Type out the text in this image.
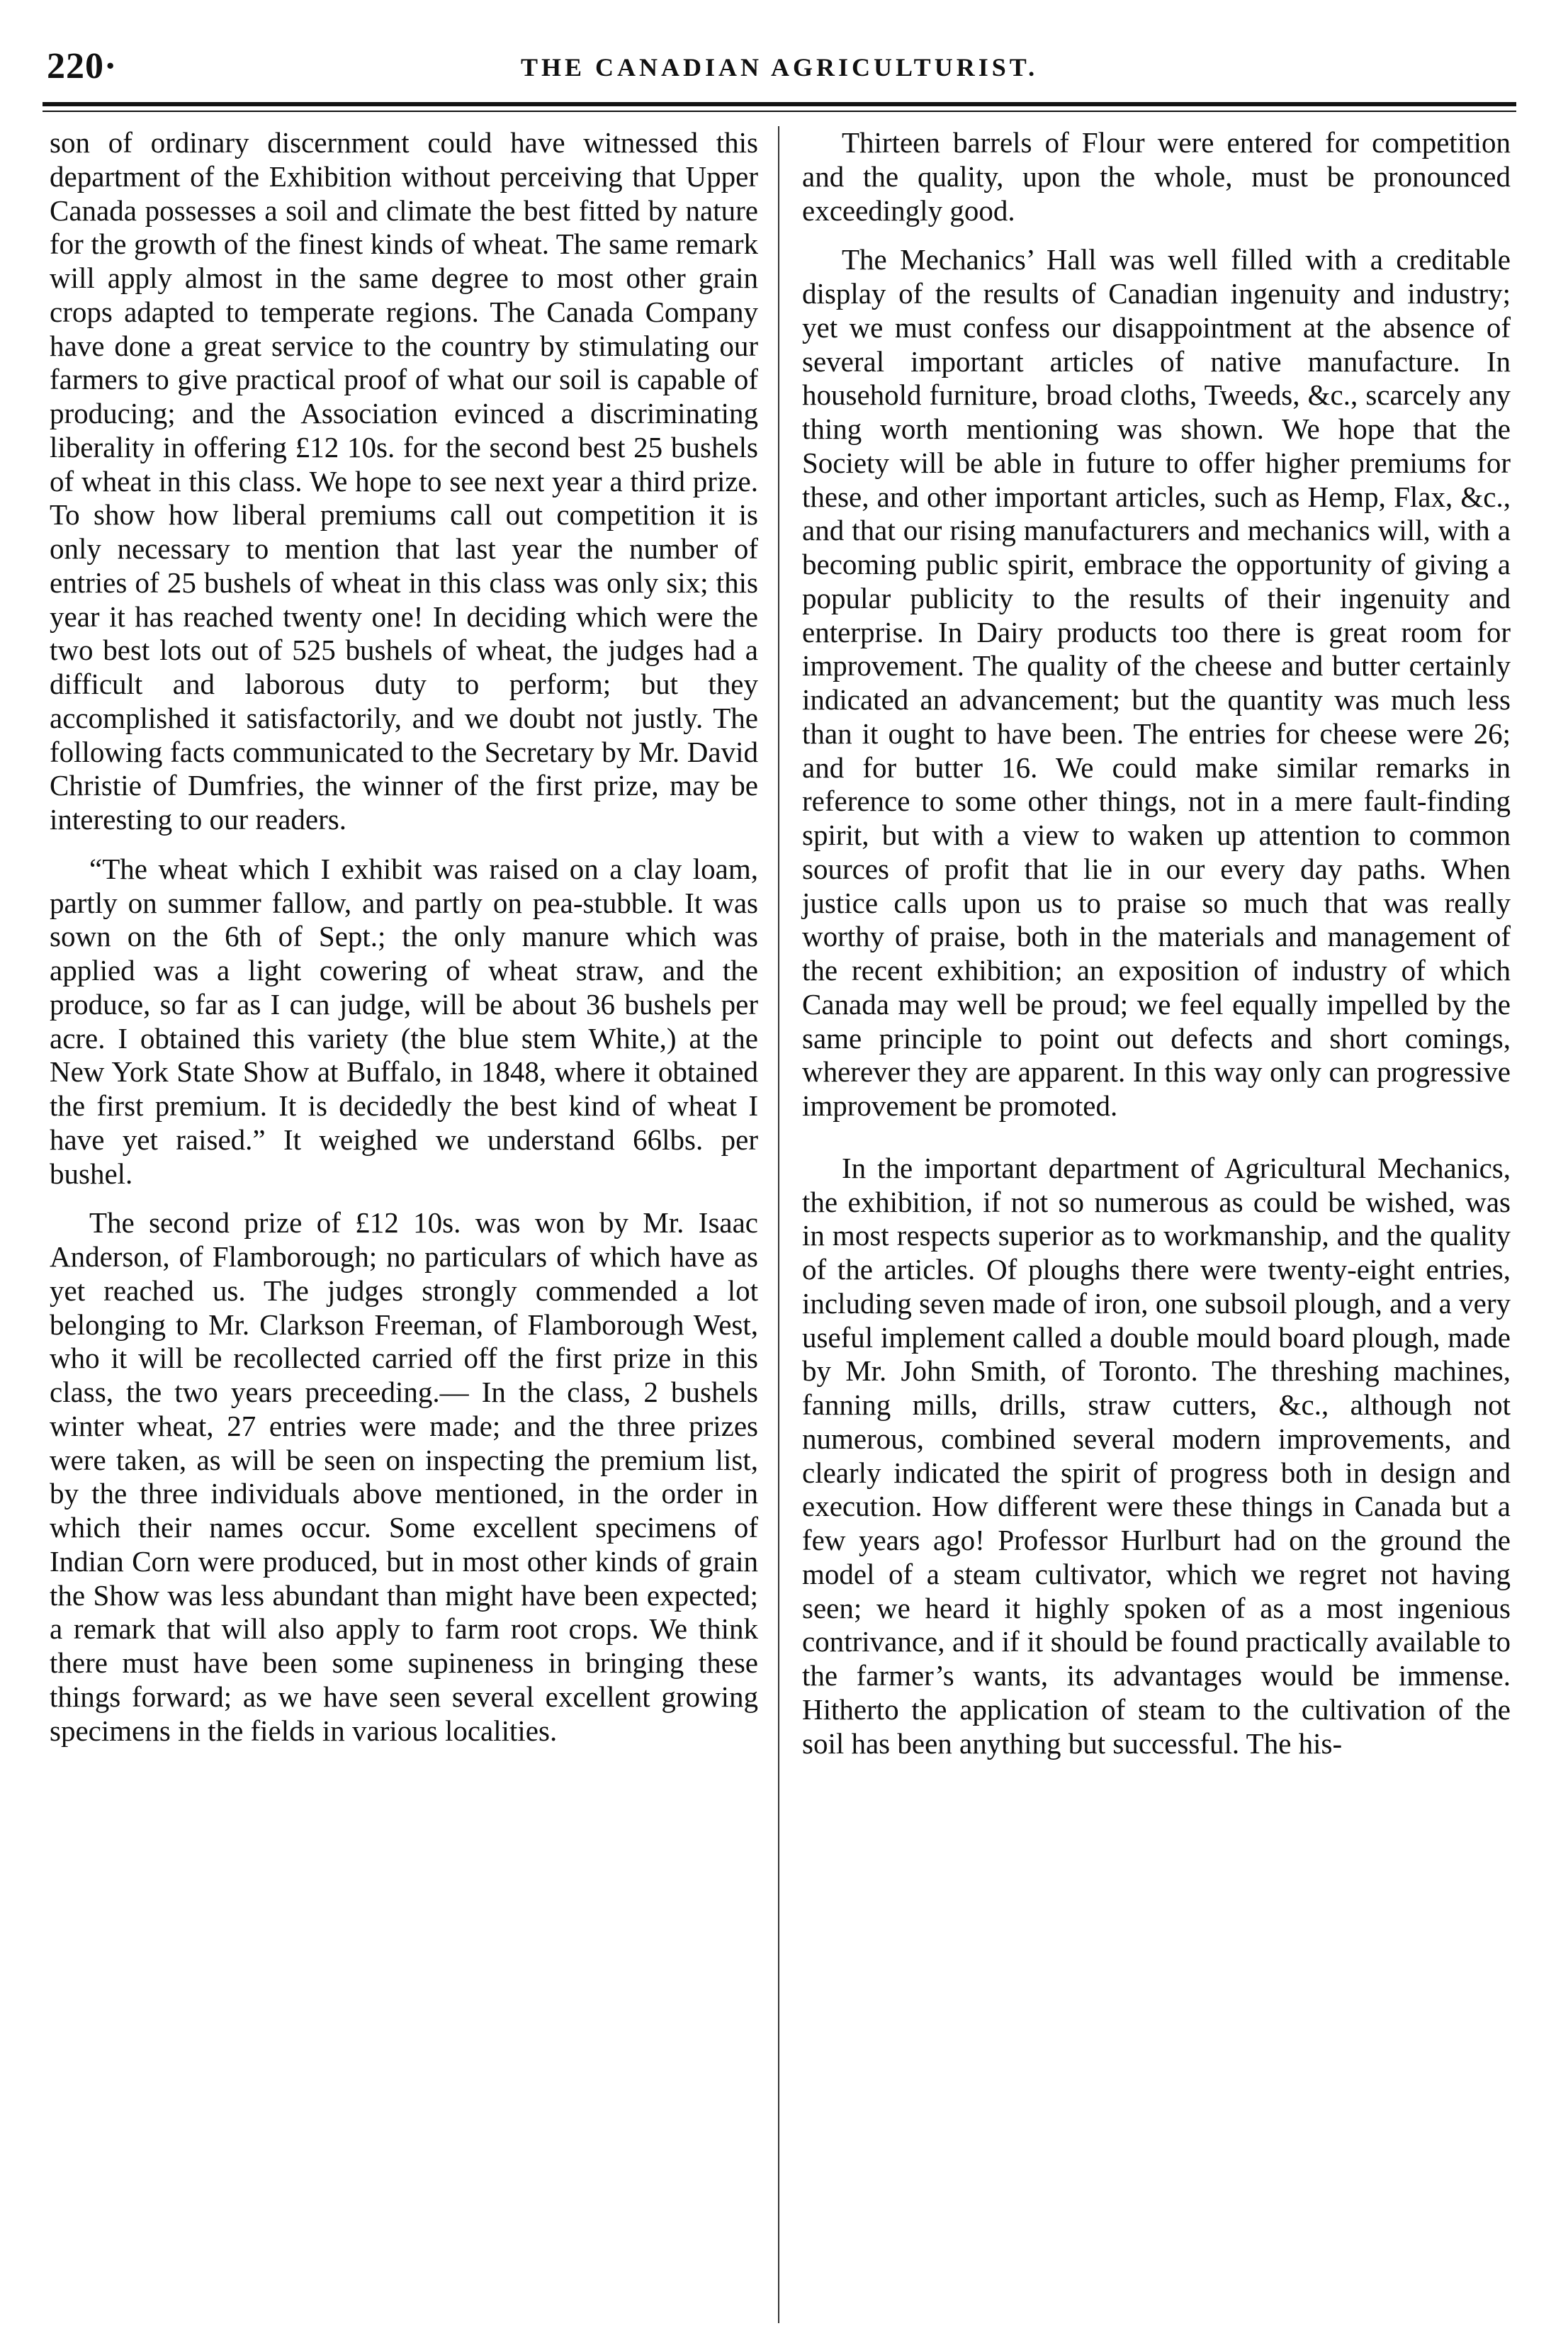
220·	THE CANADIAN AGRICULTURIST.

son of ordinary discernment could have witnessed this department of the Exhibition without perceiving that Upper Canada possesses a soil and climate the best fitted by nature for the growth of the finest kinds of wheat. The same remark will apply almost in the same degree to most other grain crops adapted to temperate regions. The Canada Company have done a great service to the country by stimulating our farmers to give practical proof of what our soil is capable of producing; and the Association evinced a discriminating liberality in offering £12 10s. for the second best 25 bushels of wheat in this class. We hope to see next year a third prize. To show how liberal premiums call out competition it is only necessary to mention that last year the number of entries of 25 bushels of wheat in this class was only six; this year it has reached twenty one! In deciding which were the two best lots out of 525 bushels of wheat, the judges had a difficult and laborous duty to perform; but they accomplished it satisfactorily, and we doubt not justly. The following facts communicated to the Secretary by Mr. David Christie of Dumfries, the winner of the first prize, may be interesting to our readers.

“The wheat which I exhibit was raised on a clay loam, partly on summer fallow, and partly on pea-stubble. It was sown on the 6th of Sept.; the only manure which was applied was a light cowering of wheat straw, and the produce, so far as I can judge, will be about 36 bushels per acre. I obtained this variety (the blue stem White,) at the New York State Show at Buffalo, in 1848, where it obtained the first premium. It is decidedly the best kind of wheat I have yet raised.” It weighed we understand 66lbs. per bushel.

The second prize of £12 10s. was won by Mr. Isaac Anderson, of Flamborough; no particulars of which have as yet reached us. The judges strongly commended a lot belonging to Mr. Clarkson Freeman, of Flamborough West, who it will be recollected carried off the first prize in this class, the two years preceeding.— In the class, 2 bushels winter wheat, 27 entries were made; and the three prizes were taken, as will be seen on inspecting the premium list, by the three individuals above mentioned, in the order in which their names occur. Some excellent specimens of Indian Corn were produced, but in most other kinds of grain the Show was less abundant than might have been expected; a remark that will also apply to farm root crops. We think there must have been some supineness in bringing these things forward; as we have seen several excellent growing specimens in the fields in various localities.

Thirteen barrels of Flour were entered for competition and the quality, upon the whole, must be pronounced exceedingly good.

The Mechanics’ Hall was well filled with a creditable display of the results of Canadian ingenuity and industry; yet we must confess our disappointment at the absence of several important articles of native manufacture. In household furniture, broad cloths, Tweeds, &c., scarcely any thing worth mentioning was shown. We hope that the Society will be able in future to offer higher premiums for these, and other important articles, such as Hemp, Flax, &c., and that our rising manufacturers and mechanics will, with a becoming public spirit, embrace the opportunity of giving a popular publicity to the results of their ingenuity and enterprise. In Dairy products too there is great room for improvement. The quality of the cheese and butter certainly indicated an advancement; but the quantity was much less than it ought to have been. The entries for cheese were 26; and for butter 16. We could make similar remarks in reference to some other things, not in a mere fault-finding spirit, but with a view to waken up attention to common sources of profit that lie in our every day paths. When justice calls upon us to praise so much that was really worthy of praise, both in the materials and management of the recent exhibition; an exposition of industry of which Canada may well be proud; we feel equally impelled by the same principle to point out defects and short comings, wherever they are apparent. In this way only can progressive improvement be promoted.

In the important department of Agricultural Mechanics, the exhibition, if not so numerous as could be wished, was in most respects superior as to workmanship, and the quality of the articles. Of ploughs there were twenty-eight entries, including seven made of iron, one subsoil plough, and a very useful implement called a double mould board plough, made by Mr. John Smith, of Toronto. The threshing machines, fanning mills, drills, straw cutters, &c., although not numerous, combined several modern improvements, and clearly indicated the spirit of progress both in design and execution. How different were these things in Canada but a few years ago! Professor Hurlburt had on the ground the model of a steam cultivator, which we regret not having seen; we heard it highly spoken of as a most ingenious contrivance, and if it should be found practically available to the farmer’s wants, its advantages would be immense. Hitherto the application of steam to the cultivation of the soil has been anything but successful. The his-
